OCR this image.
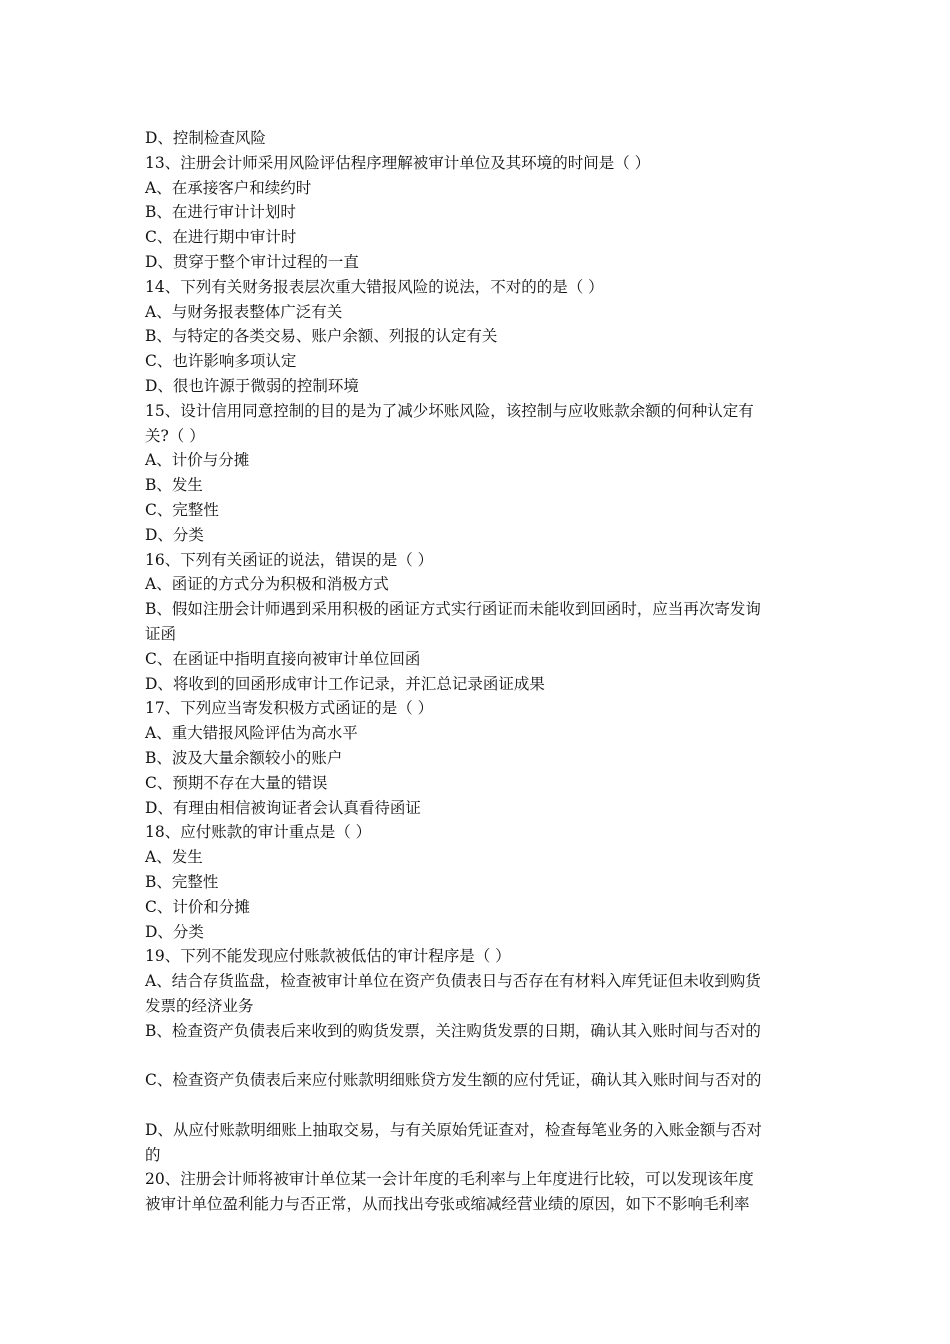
D、控制检查风险
13、注册会计师采用风险评估程序理解被审计单位及其环境的时间是（ ）
A、在承接客户和续约时
B、在进行审计计划时
C、在进行期中审计时
D、贯穿于整个审计过程的一直
14、下列有关财务报表层次重大错报风险的说法，不对的的是（ ）
A、与财务报表整体广泛有关
B、与特定的各类交易、账户余额、列报的认定有关
C、也许影响多项认定
D、很也许源于微弱的控制环境
15、设计信用同意控制的目的是为了减少坏账风险，该控制与应收账款余额的何种认定有
关?（ ）
A、计价与分摊
B、发生
C、完整性
D、分类
16、下列有关函证的说法，错误的是（ ）
A、函证的方式分为积极和消极方式
B、假如注册会计师遇到采用积极的函证方式实行函证而未能收到回函时，应当再次寄发询
证函
C、在函证中指明直接向被审计单位回函
D、将收到的回函形成审计工作记录，并汇总记录函证成果
17、下列应当寄发积极方式函证的是（ ）
A、重大错报风险评估为高水平
B、波及大量余额较小的账户
C、预期不存在大量的错误
D、有理由相信被询证者会认真看待函证
18、应付账款的审计重点是（ ）
A、发生
B、完整性
C、计价和分摊
D、分类
19、下列不能发现应付账款被低估的审计程序是（ ）
A、结合存货监盘，检查被审计单位在资产负债表日与否存在有材料入库凭证但未收到购货
发票的经济业务
B、检查资产负债表后来收到的购货发票，关注购货发票的日期，确认其入账时间与否对的
C、检查资产负债表后来应付账款明细账贷方发生额的应付凭证，确认其入账时间与否对的
D、从应付账款明细账上抽取交易，与有关原始凭证查对，检查每笔业务的入账金额与否对
的
20、注册会计师将被审计单位某一会计年度的毛利率与上年度进行比较，可以发现该年度
被审计单位盈利能力与否正常，从而找出夸张或缩减经营业绩的原因，如下不影响毛利率
